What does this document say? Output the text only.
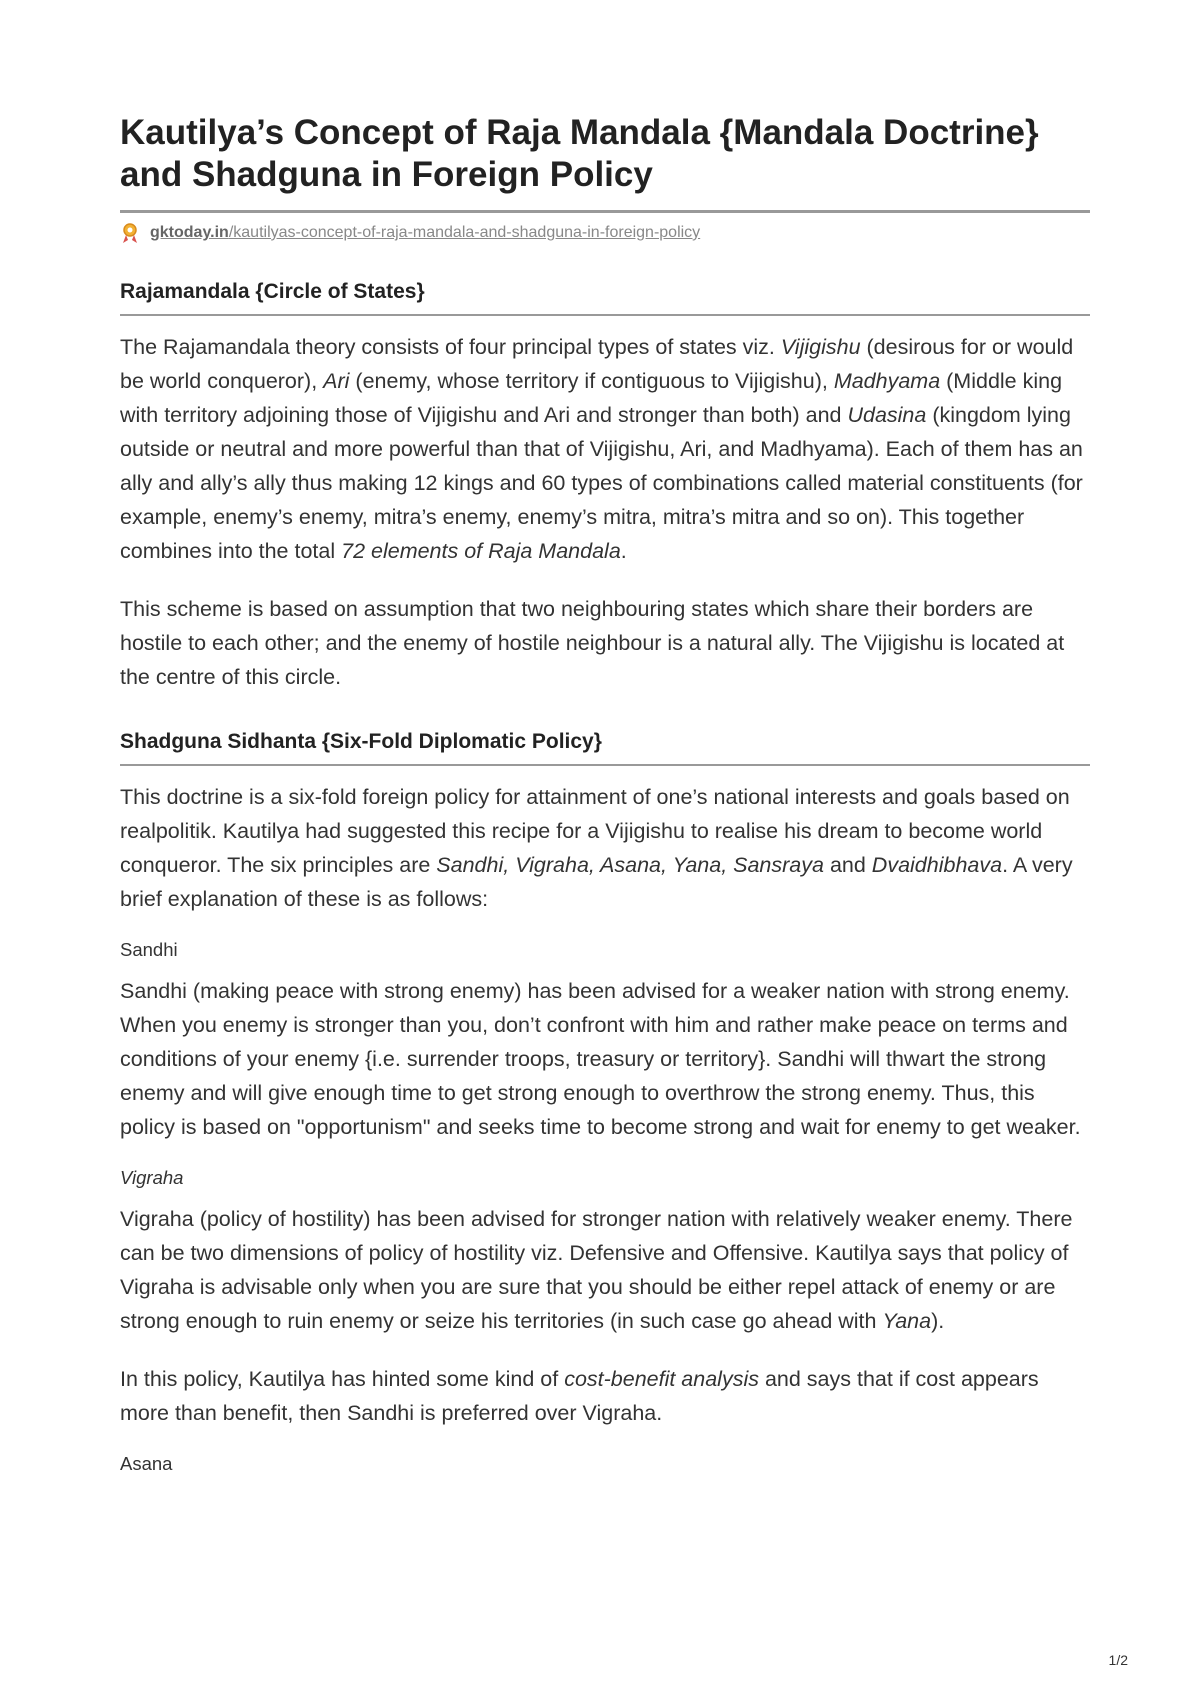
Kautilya’s Concept of Raja Mandala {Mandala Doctrine}
and Shadguna in Foreign Policy
gktoday.in/kautilyas-concept-of-raja-mandala-and-shadguna-in-foreign-policy
Rajamandala {Circle of States}

The Rajamandala theory consists of four principal types of states viz. Vijigishu (desirous for or would be world conqueror), Ari (enemy, whose territory if contiguous to Vijigishu), Madhyama (Middle king with territory adjoining those of Vijigishu and Ari and stronger than both) and Udasina (kingdom lying outside or neutral and more powerful than that of Vijigishu, Ari, and Madhyama). Each of them has an ally and ally’s ally thus making 12 kings and 60 types of combinations called material constituents (for example, enemy’s enemy, mitra’s enemy, enemy’s mitra, mitra’s mitra and so on). This together combines into the total 72 elements of Raja Mandala.

This scheme is based on assumption that two neighbouring states which share their borders are hostile to each other; and the enemy of hostile neighbour is a natural ally. The Vijigishu is located at the centre of this circle.

Shadguna Sidhanta {Six-Fold Diplomatic Policy}

This doctrine is a six-fold foreign policy for attainment of one’s national interests and goals based on realpolitik. Kautilya had suggested this recipe for a Vijigishu to realise his dream to become world conqueror. The six principles are Sandhi, Vigraha, Asana, Yana, Sansraya and Dvaidhibhava. A very brief explanation of these is as follows:

Sandhi

Sandhi (making peace with strong enemy) has been advised for a weaker nation with strong enemy. When you enemy is stronger than you, don’t confront with him and rather make peace on terms and conditions of your enemy {i.e. surrender troops, treasury or territory}. Sandhi will thwart the strong enemy and will give enough time to get strong enough to overthrow the strong enemy. Thus, this policy is based on "opportunism" and seeks time to become strong and wait for enemy to get weaker.

Vigraha

Vigraha (policy of hostility) has been advised for stronger nation with relatively weaker enemy. There can be two dimensions of policy of hostility viz. Defensive and Offensive. Kautilya says that policy of Vigraha is advisable only when you are sure that you should be either repel attack of enemy or are strong enough to ruin enemy or seize his territories (in such case go ahead with Yana).

In this policy, Kautilya has hinted some kind of cost-benefit analysis and says that if cost appears more than benefit, then Sandhi is preferred over Vigraha.

Asana
1/2
